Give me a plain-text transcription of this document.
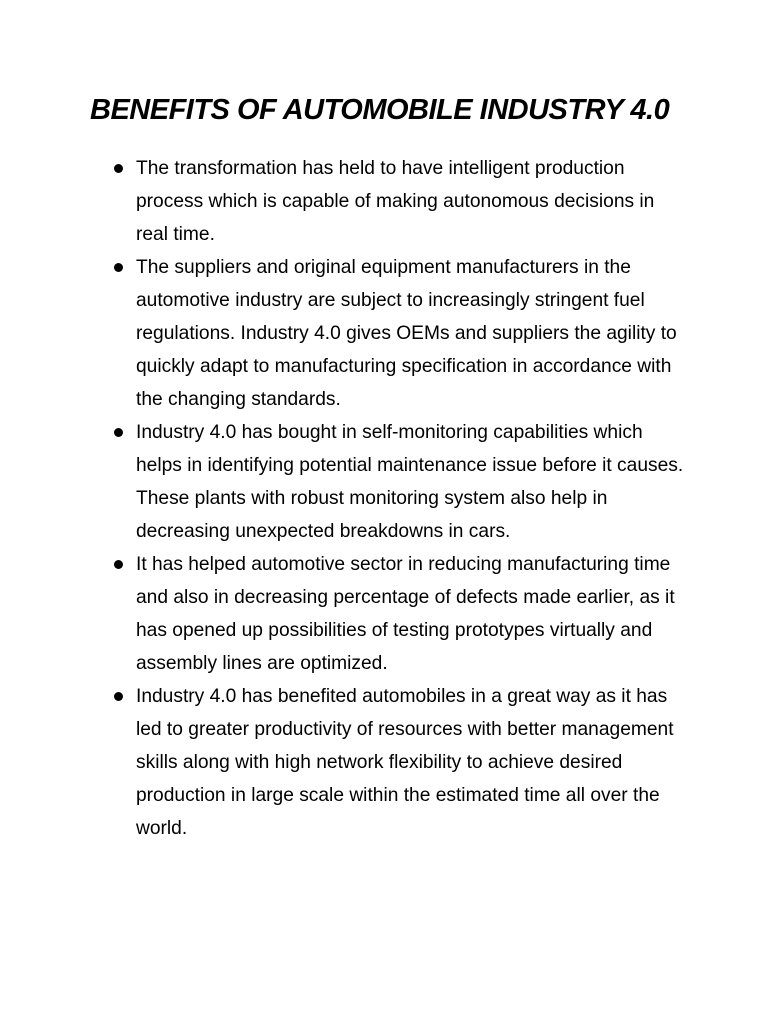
BENEFITS OF AUTOMOBILE INDUSTRY 4.0
The transformation has held to have intelligent production process which is capable of making autonomous decisions in real time.
The suppliers and original equipment manufacturers in the automotive industry are subject to increasingly stringent fuel regulations. Industry 4.0 gives OEMs and suppliers the agility to quickly adapt to manufacturing specification in accordance with the changing standards.
Industry 4.0 has bought in self-monitoring capabilities which helps in identifying potential maintenance issue before it causes. These plants with robust monitoring system also help in decreasing unexpected breakdowns in cars.
It has helped automotive sector in reducing manufacturing time and also in decreasing percentage of defects made earlier, as it has opened up possibilities of testing prototypes virtually and assembly lines are optimized.
Industry 4.0 has benefited automobiles in a great way as it has led to greater productivity of resources with better management skills along with high network flexibility to achieve desired production in large scale within the estimated time all over the world.
